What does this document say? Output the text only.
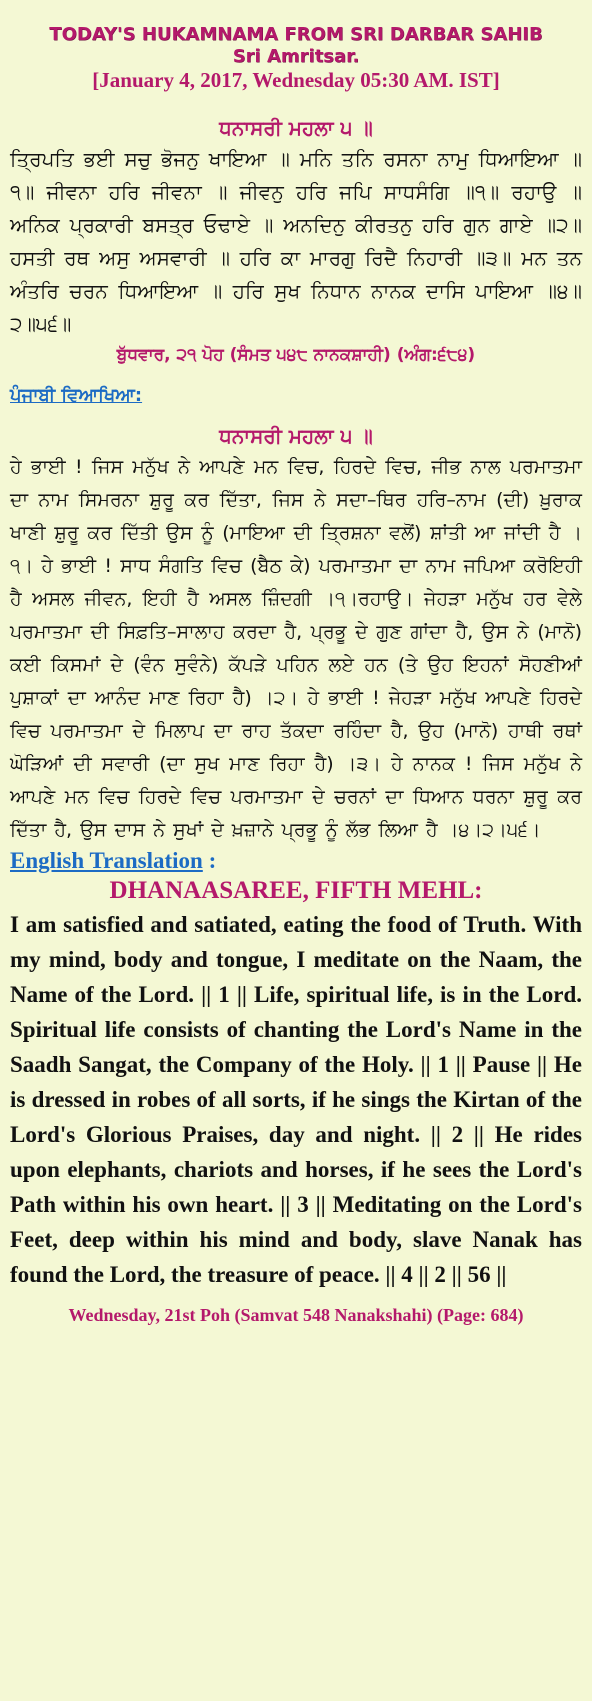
TODAY'S HUKAMNAMA FROM SRI DARBAR SAHIB
Sri Amritsar.
[January 4, 2017, Wednesday 05:30 AM. IST]
ਧਨਾਸਰੀ ਮਹਲਾ ੫ ॥
ਤ੍ਰਿਪਤਿ ਭਈ ਸਚੁ ਭੋਜਨੁ ਖਾਇਆ ॥ ਮਨਿ ਤਨਿ ਰਸਨਾ ਨਾਮੁ ਧਿਆਇਆ ॥੧॥ ਜੀਵਨਾ ਹਰਿ ਜੀਵਨਾ ॥ ਜੀਵਨੁ ਹਰਿ ਜਪਿ ਸਾਧਸੰਗਿ ॥੧॥ ਰਹਾਉ ॥ ਅਨਿਕ ਪ੍ਰਕਾਰੀ ਬਸਤ੍ਰ ਓਢਾਏ ॥ ਅਨਦਿਨੁ ਕੀਰਤਨੁ ਹਰਿ ਗੁਨ ਗਾਏ ॥੨॥ ਹਸਤੀ ਰਥ ਅਸੁ ਅਸਵਾਰੀ ॥ ਹਰਿ ਕਾ ਮਾਰਗੁ ਰਿਦੈ ਨਿਹਾਰੀ ॥੩॥ ਮਨ ਤਨ ਅੰਤਰਿ ਚਰਨ ਧਿਆਇਆ ॥ ਹਰਿ ਸੁਖ ਨਿਧਾਨ ਨਾਨਕ ਦਾਸਿ ਪਾਇਆ ॥੪॥੨॥੫੬॥
ਬੁੱਧਵਾਰ, ੨੧ ਪੋਹ (ਸੰਮਤ ੫੪੮ ਨਾਨਕਸ਼ਾਹੀ) (ਅੰਗ:੬੮੪)
ਪੰਜਾਬੀ ਵਿਆਖਿਆ:
ਧਨਾਸਰੀ ਮਹਲਾ ੫ ॥
ਹੇ ਭਾਈ ! ਜਿਸ ਮਨੁੱਖ ਨੇ ਆਪਣੇ ਮਨ ਵਿਚ, ਹਿਰਦੇ ਵਿਚ, ਜੀਭ ਨਾਲ ਪਰਮਾਤਮਾ ਦਾ ਨਾਮ ਸਿਮਰਨਾ ਸ਼ੁਰੂ ਕਰ ਦਿੱਤਾ, ਜਿਸ ਨੇ ਸਦਾ–ਥਿਰ ਹਰਿ–ਨਾਮ (ਦੀ) ਖ਼ੁਰਾਕ ਖਾਣੀ ਸ਼ੁਰੂ ਕਰ ਦਿੱਤੀ ਉਸ ਨੂੰ (ਮਾਇਆ ਦੀ ਤ੍ਰਿਸ਼ਨਾ ਵਲੋਂ) ਸ਼ਾਂਤੀ ਆ ਜਾਂਦੀ ਹੈ ।੧। ਹੇ ਭਾਈ ! ਸਾਧ ਸੰਗਤਿ ਵਿਚ (ਬੈਠ ਕੇ) ਪਰਮਾਤਮਾ ਦਾ ਨਾਮ ਜਪਿਆ ਕਰੋਇਹੀ ਹੈ ਅਸਲ ਜੀਵਨ, ਇਹੀ ਹੈ ਅਸਲ ਜ਼ਿੰਦਗੀ ।੧।ਰਹਾਉ। ਜੇਹੜਾ ਮਨੁੱਖ ਹਰ ਵੇਲੇ ਪਰਮਾਤਮਾ ਦੀ ਸਿਫ਼ਤਿ–ਸਾਲਾਹ ਕਰਦਾ ਹੈ, ਪ੍ਰਭੂ ਦੇ ਗੁਣ ਗਾਂਦਾ ਹੈ, ਉਸ ਨੇ (ਮਾਨੋ) ਕਈ ਕਿਸਮਾਂ ਦੇ (ਵੰਨ ਸੁਵੰਨੇ) ਕੱਪੜੇ ਪਹਿਨ ਲਏ ਹਨ (ਤੇ ਉਹ ਇਹਨਾਂ ਸੋਹਣੀਆਂ ਪੁਸ਼ਾਕਾਂ ਦਾ ਆਨੰਦ ਮਾਣ ਰਿਹਾ ਹੈ) ।੨। ਹੇ ਭਾਈ ! ਜੇਹੜਾ ਮਨੁੱਖ ਆਪਣੇ ਹਿਰਦੇ ਵਿਚ ਪਰਮਾਤਮਾ ਦੇ ਮਿਲਾਪ ਦਾ ਰਾਹ ਤੱਕਦਾ ਰਹਿੰਦਾ ਹੈ, ਉਹ (ਮਾਨੋ) ਹਾਥੀ ਰਥਾਂ ਘੋੜਿਆਂ ਦੀ ਸਵਾਰੀ (ਦਾ ਸੁਖ ਮਾਣ ਰਿਹਾ ਹੈ) ।੩। ਹੇ ਨਾਨਕ ! ਜਿਸ ਮਨੁੱਖ ਨੇ ਆਪਣੇ ਮਨ ਵਿਚ ਹਿਰਦੇ ਵਿਚ ਪਰਮਾਤਮਾ ਦੇ ਚਰਨਾਂ ਦਾ ਧਿਆਨ ਧਰਨਾ ਸ਼ੁਰੂ ਕਰ ਦਿੱਤਾ ਹੈ, ਉਸ ਦਾਸ ਨੇ ਸੁਖਾਂ ਦੇ ਖ਼ਜ਼ਾਨੇ ਪ੍ਰਭੂ ਨੂੰ ਲੱਭ ਲਿਆ ਹੈ ।੪।੨।੫੬।
English Translation :
DHANAASAREE, FIFTH MEHL:
I am satisfied and satiated, eating the food of Truth. With my mind, body and tongue, I meditate on the Naam, the Name of the Lord. || 1 || Life, spiritual life, is in the Lord. Spiritual life consists of chanting the Lord's Name in the Saadh Sangat, the Company of the Holy. || 1 || Pause || He is dressed in robes of all sorts, if he sings the Kirtan of the Lord's Glorious Praises, day and night. || 2 || He rides upon elephants, chariots and horses, if he sees the Lord's Path within his own heart. || 3 || Meditating on the Lord's Feet, deep within his mind and body, slave Nanak has found the Lord, the treasure of peace. || 4 || 2 || 56 ||
Wednesday, 21st Poh (Samvat 548 Nanakshahi) (Page: 684)
